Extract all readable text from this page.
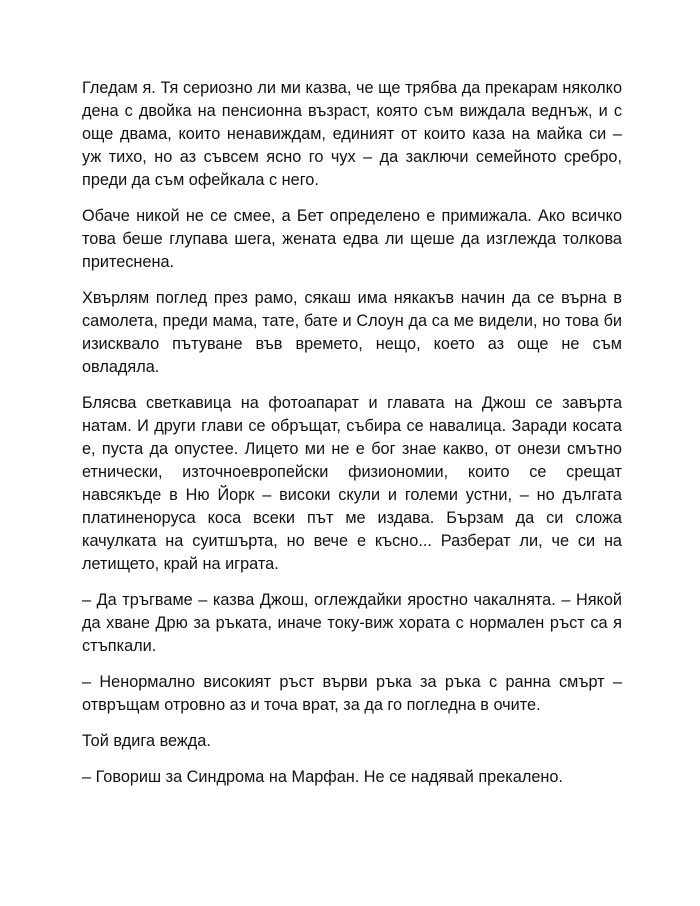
Гледам я. Тя сериозно ли ми казва, че ще трябва да прекарам няколко дена с двойка на пенсионна възраст, която съм виждала веднъж, и с още двама, които ненавиждам, единият от които каза на майка си – уж тихо, но аз съвсем ясно го чух – да заключи семейното сребро, преди да съм офейкала с него.

Обаче никой не се смее, а Бет определено е примижала. Ако всичко това беше глупава шега, жената едва ли щеше да изглежда толкова притеснена.

Хвърлям поглед през рамо, сякаш има някакъв начин да се върна в самолета, преди мама, тате, бате и Слоун да са ме видели, но това би изисквало пътуване във времето, нещо, което аз още не съм овладяла.

Блясва светкавица на фотоапарат и главата на Джош се завърта натам. И други глави се обръщат, събира се навалица. Заради косата е, пуста да опустее. Лицето ми не е бог знае какво, от онези смътно етнически, източноевропейски физиономии, които се срещат навсякъде в Ню Йорк – високи скули и големи устни, – но дългата платиненоруса коса всеки път ме издава. Бързам да си сложа качулката на суитшърта, но вече е късно... Разберат ли, че си на летището, край на играта.

– Да тръгваме – казва Джош, оглеждайки яростно чакалнята. – Някой да хване Дрю за ръката, иначе току-виж хората с нормален ръст са я стъпкали.

– Ненормално високият ръст върви ръка за ръка с ранна смърт – отвръщам отровно аз и точа врат, за да го погледна в очите.

Той вдига вежда.

– Говориш за Синдрома на Марфан. Не се надявай прекалено.
